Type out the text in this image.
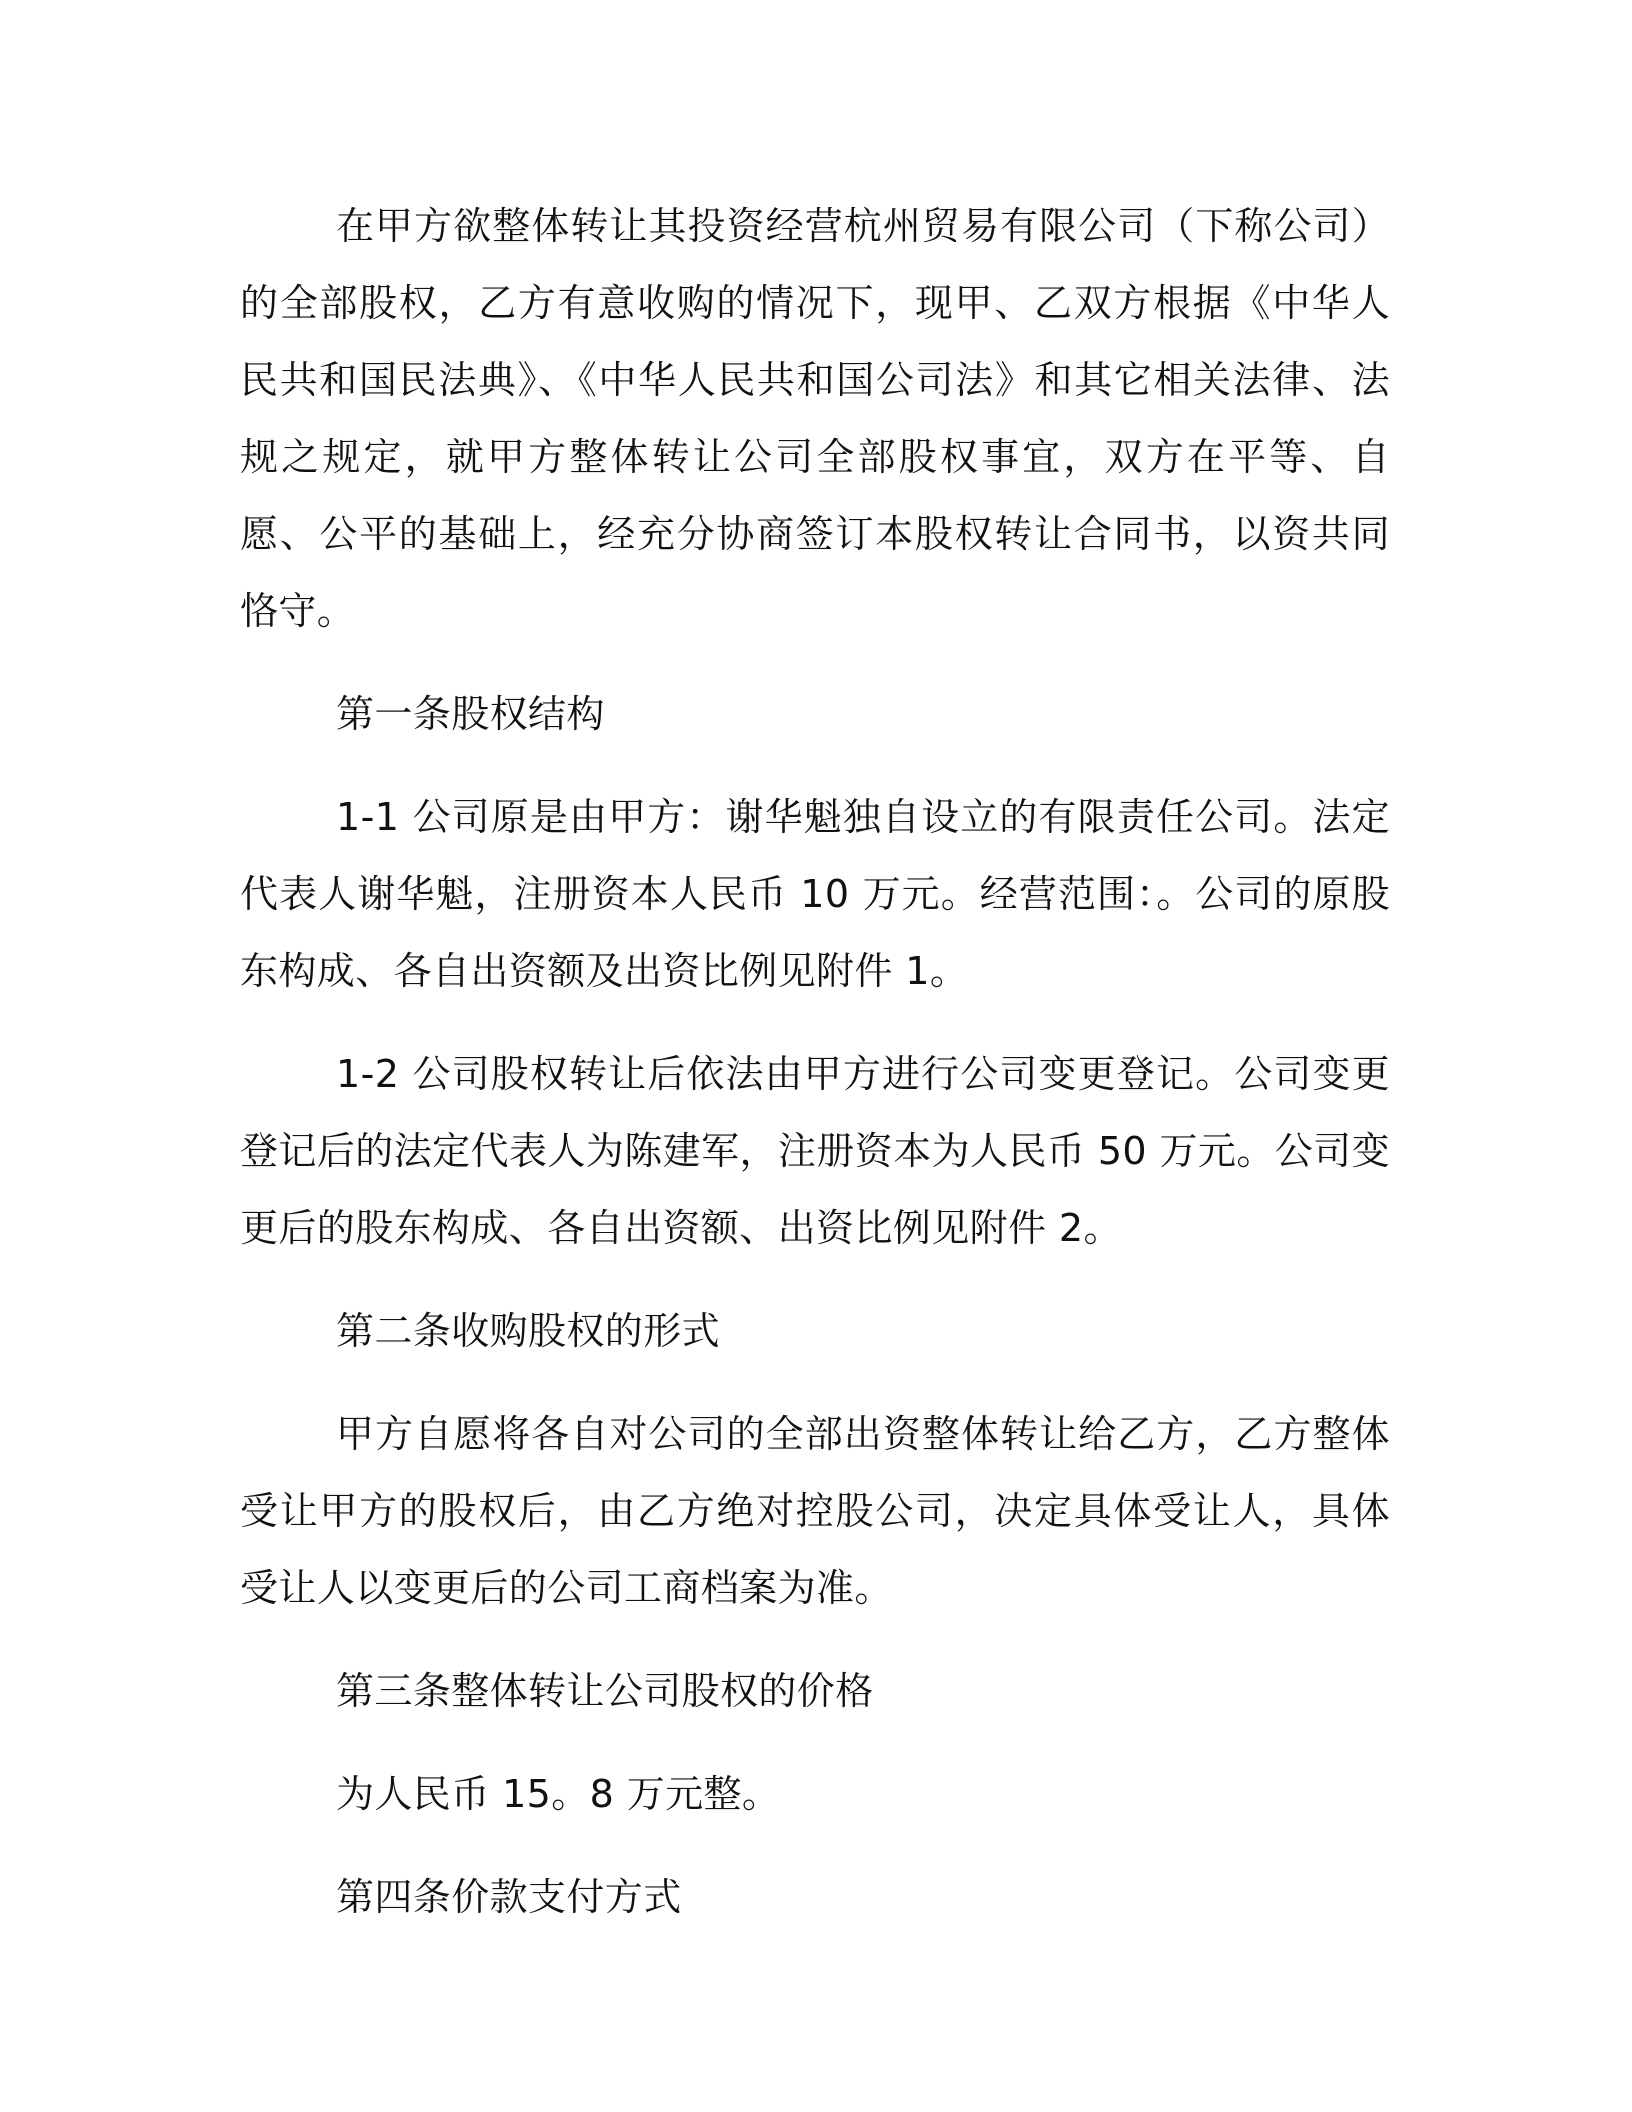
在甲方欲整体转让其投资经营杭州贸易有限公司（下称公司）的全部股权，乙方有意收购的情况下，现甲、乙双方根据《中华人民共和国民法典》、《中华人民共和国公司法》和其它相关法律、法规之规定，就甲方整体转让公司全部股权事宜，双方在平等、自愿、公平的基础上，经充分协商签订本股权转让合同书，以资共同恪守。

第一条股权结构

1-1 公司原是由甲方：谢华魁独自设立的有限责任公司。法定代表人谢华魁，注册资本人民币 10 万元。经营范围：。公司的原股东构成、各自出资额及出资比例见附件 1。

1-2 公司股权转让后依法由甲方进行公司变更登记。公司变更登记后的法定代表人为陈建军，注册资本为人民币 50 万元。公司变更后的股东构成、各自出资额、出资比例见附件 2。

第二条收购股权的形式

甲方自愿将各自对公司的全部出资整体转让给乙方，乙方整体受让甲方的股权后，由乙方绝对控股公司，决定具体受让人，具体受让人以变更后的公司工商档案为准。

第三条整体转让公司股权的价格

为人民币 15。8 万元整。

第四条价款支付方式
